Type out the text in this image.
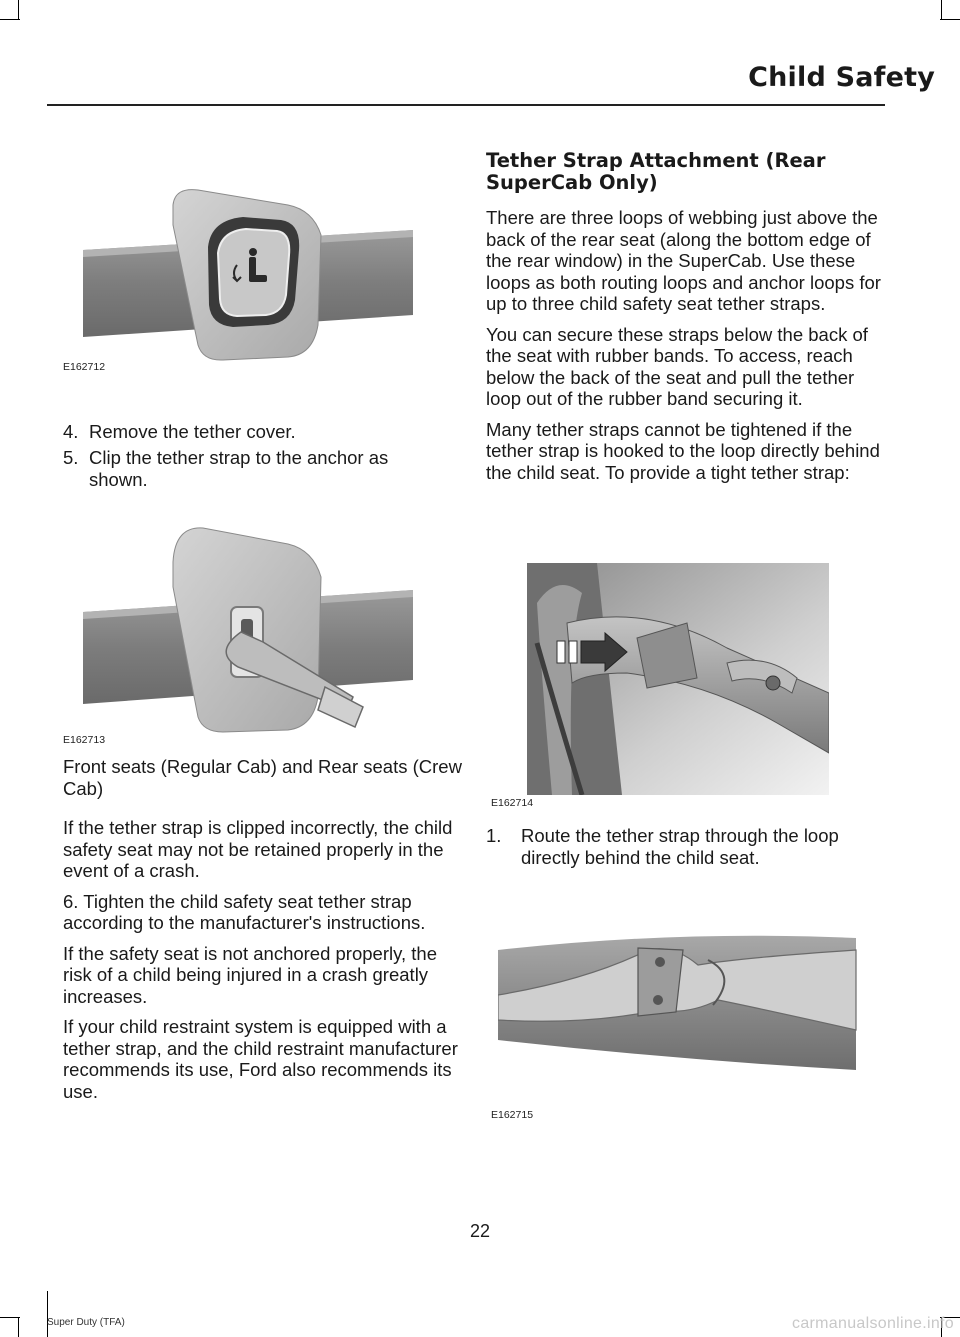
Child Safety
E162712
4. Remove the tether cover.
5. Clip the tether strap to the anchor as
shown.
E162713

Front seats (Regular Cab) and Rear seats (Crew Cab)

If the tether strap is clipped incorrectly, the child safety seat may not be retained properly in the event of a crash.

6. Tighten the child safety seat tether strap according to the manufacturer's instructions.

If the safety seat is not anchored properly, the risk of a child being injured in a crash greatly increases.

If your child restraint system is equipped with a tether strap, and the child restraint manufacturer recommends its use, Ford also recommends its use.

Tether Strap Attachment (Rear SuperCab Only)

There are three loops of webbing just above the back of the rear seat (along the bottom edge of the rear window) in the SuperCab. Use these loops as both routing loops and anchor loops for up to three child safety seat tether straps.

You can secure these straps below the back of the seat with rubber bands. To access, reach below the back of the seat and pull the tether loop out of the rubber band securing it.

Many tether straps cannot be tightened if the tether strap is hooked to the loop directly behind the child seat. To provide a tight tether strap:

E162714
1. Route the tether strap through the loop
directly behind the child seat.
E162715
22
Super Duty (TFA)	carmanualsonline.info
